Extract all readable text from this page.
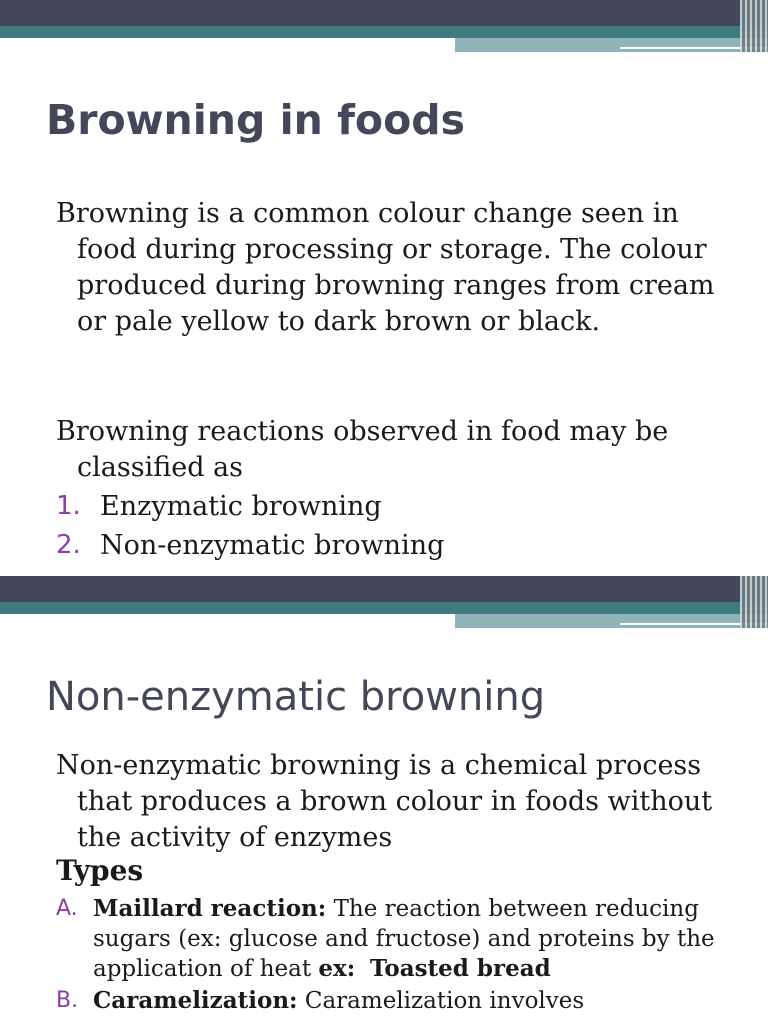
Browning in foods

Browning is a common colour change seen in food during processing or storage. The colour produced during browning ranges from cream or pale yellow to dark brown or black.

Browning reactions observed in food may be classified as

1. Enzymatic browning
2. Non-enzymatic browning
Non-enzymatic browning

Non-enzymatic browning is a chemical process that produces a brown colour in foods without the activity of enzymes

Types

A. Maillard reaction: The reaction between reducing sugars (ex: glucose and fructose) and proteins by the application of heat ex: Toasted bread
B. Caramelization: Caramelization involves
